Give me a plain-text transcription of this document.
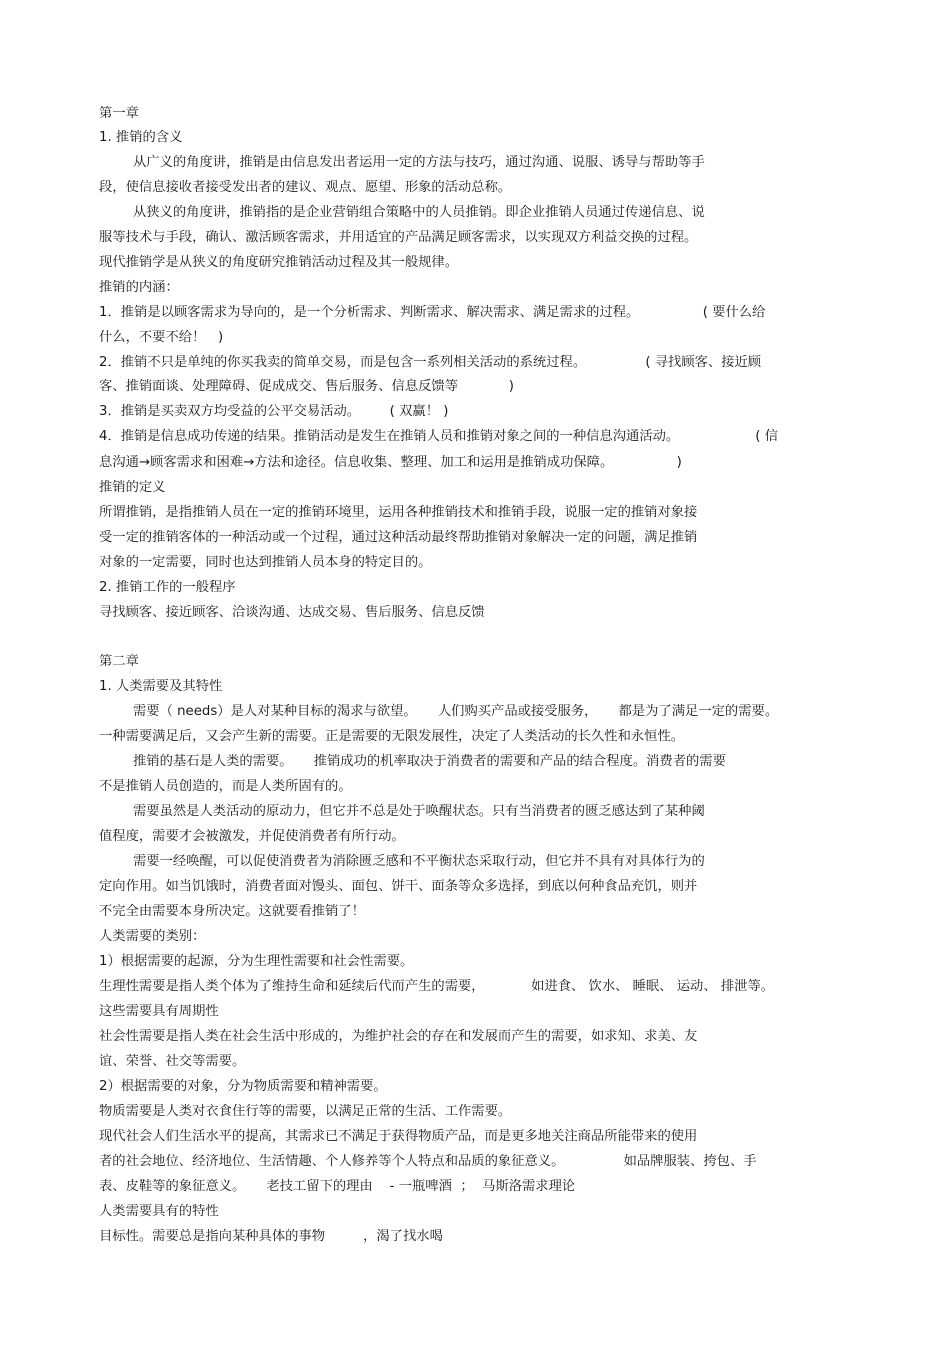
第一章
1. 推销的含义
从广义的角度讲，推销是由信息发出者运用一定的方法与技巧，通过沟通、说服、诱导与帮助等手
段，使信息接收者接受发出者的建议、观点、愿望、形象的活动总称。
从狭义的角度讲，推销指的是企业营销组合策略中的人员推销。即企业推销人员通过传递信息、说
服等技术与手段，确认、激活顾客需求，并用适宜的产品满足顾客需求，以实现双方利益交换的过程。
现代推销学是从狭义的角度研究推销活动过程及其一般规律。
推销的内涵：
1．推销是以顾客需求为导向的，是一个分析需求、判断需求、解决需求、满足需求的过程。               ( 要什么给
什么，不要不给！   )
2．推销不只是单纯的你买我卖的简单交易，而是包含一系列相关活动的系统过程。              ( 寻找顾客、接近顾
客、推销面谈、处理障碍、促成成交、售后服务、信息反馈等            )
3．推销是买卖双方均受益的公平交易活动。       ( 双赢！ )
4．推销是信息成功传递的结果。推销活动是发生在推销人员和推销对象之间的一种信息沟通活动。                  ( 信
息沟通→顾客需求和困难→方法和途径。信息收集、整理、加工和运用是推销成功保障。               )
推销的定义
所谓推销，是指推销人员在一定的推销环境里，运用各种推销技术和推销手段，说服一定的推销对象接
受一定的推销客体的一种活动或一个过程，通过这种活动最终帮助推销对象解决一定的问题，满足推销
对象的一定需要，同时也达到推销人员本身的特定目的。
2. 推销工作的一般程序
寻找顾客、接近顾客、洽谈沟通、达成交易、售后服务、信息反馈
第二章
1. 人类需要及其特性
需要（ needs）是人对某种目标的渴求与欲望。     人们购买产品或接受服务，     都是为了满足一定的需要。
一种需要满足后，又会产生新的需要。正是需要的无限发展性，决定了人类活动的长久性和永恒性。
推销的基石是人类的需要。     推销成功的机率取决于消费者的需要和产品的结合程度。消费者的需要
不是推销人员创造的，而是人类所固有的。
需要虽然是人类活动的原动力，但它并不总是处于唤醒状态。只有当消费者的匮乏感达到了某种阈
值程度，需要才会被激发，并促使消费者有所行动。
需要一经唤醒，可以促使消费者为消除匮乏感和不平衡状态采取行动，但它并不具有对具体行为的
定向作用。如当饥饿时，消费者面对馒头、面包、饼干、面条等众多选择，到底以何种食品充饥，则并
不完全由需要本身所决定。这就要看推销了！
人类需要的类别：
1）根据需要的起源，分为生理性需要和社会性需要。
生理性需要是指人类个体为了维持生命和延续后代而产生的需要，           如进食、 饮水、 睡眠、 运动、 排泄等。
这些需要具有周期性
社会性需要是指人类在社会生活中形成的，为维护社会的存在和发展而产生的需要，如求知、求美、友
谊、荣誉、社交等需要。
2）根据需要的对象，分为物质需要和精神需要。
物质需要是人类对衣食住行等的需要，以满足正常的生活、工作需要。
现代社会人们生活水平的提高，其需求已不满足于获得物质产品，而是更多地关注商品所能带来的使用
者的社会地位、经济地位、生活情趣、个人修养等个人特点和品质的象征意义。              如品牌服装、挎包、手
表、皮鞋等的象征意义。     老技工留下的理由    - 一瓶啤酒  ；  马斯洛需求理论
人类需要具有的特性
目标性。需要总是指向某种具体的事物         ，渴了找水喝
